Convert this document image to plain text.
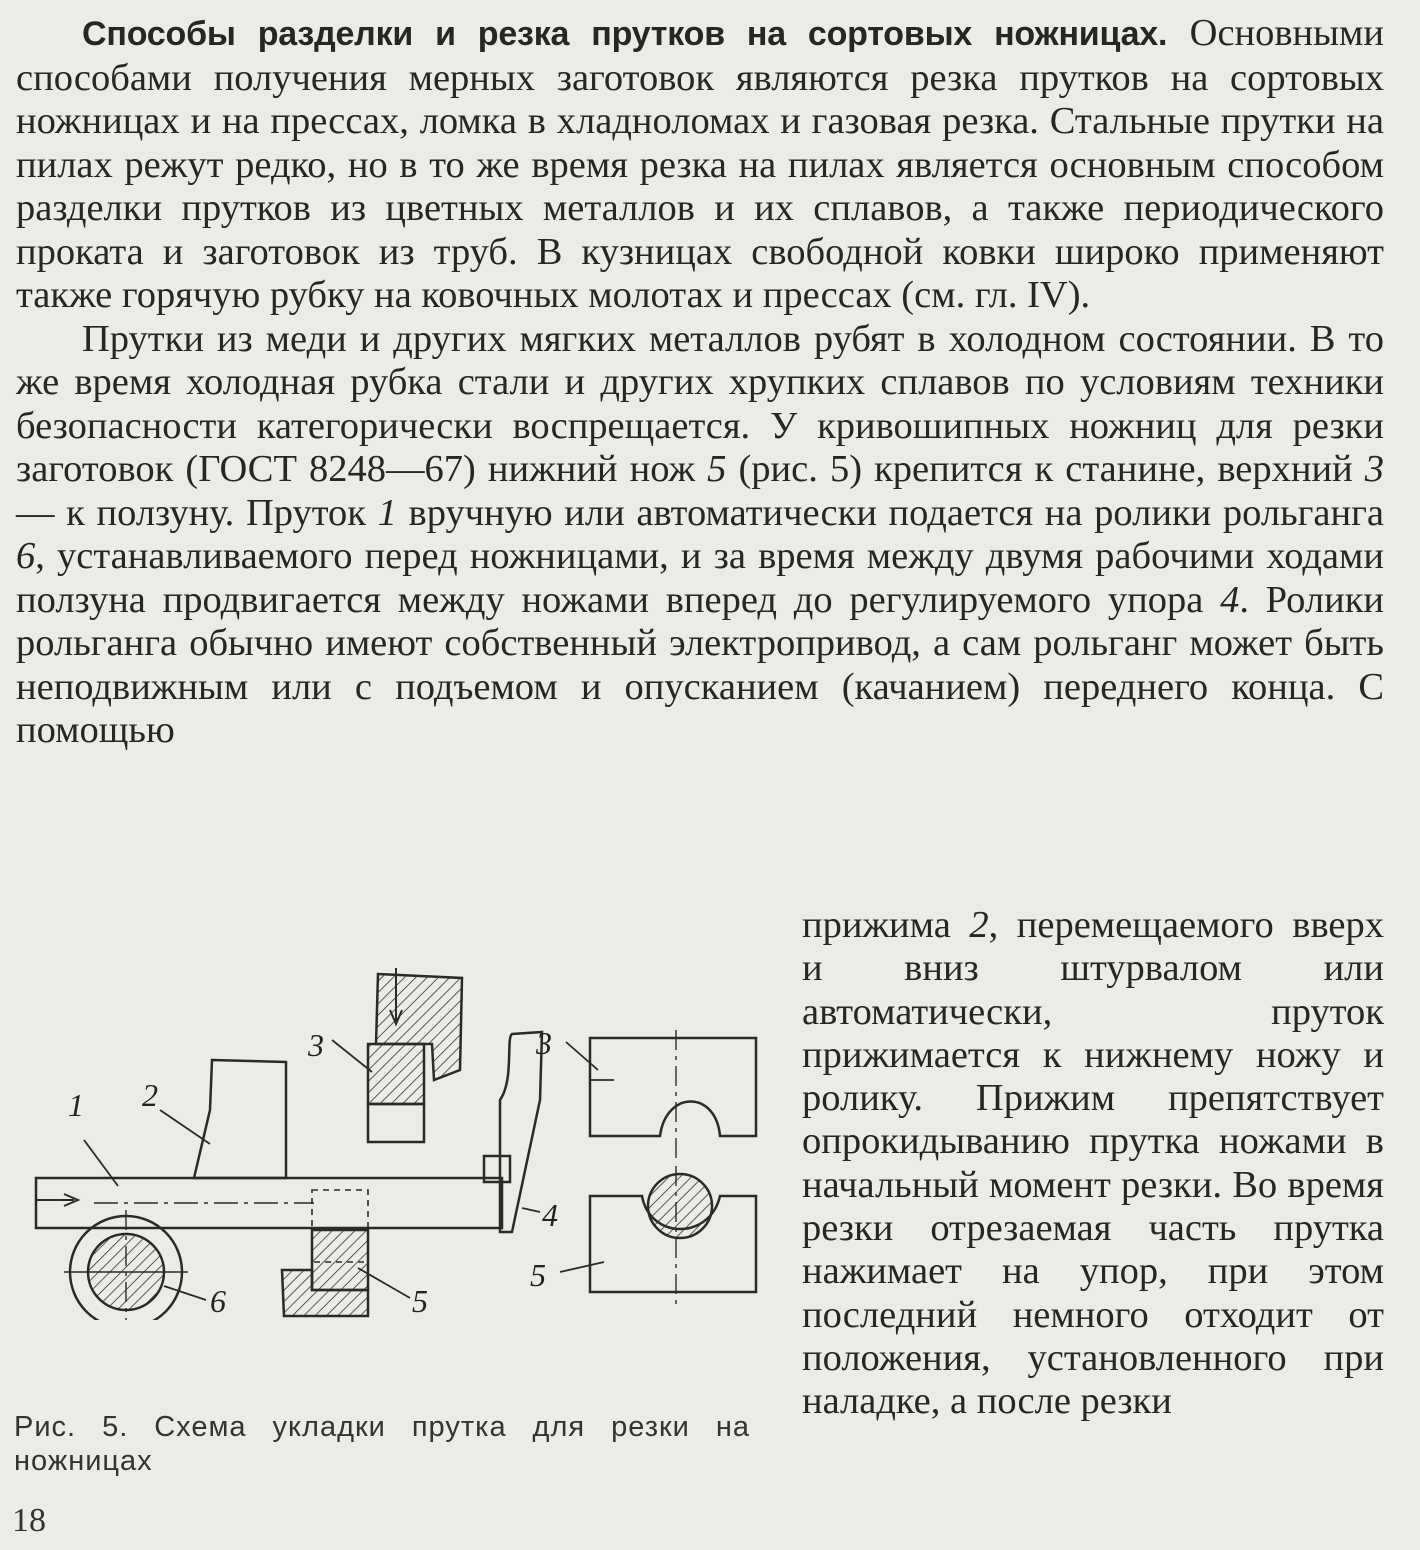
Способы разделки и резка прутков на сортовых ножницах. Основными способами получения мерных заготовок являются резка прутков на сортовых ножницах и на прессах, ломка в хладноломах и газовая резка. Стальные прутки на пилах режут редко, но в то же время резка на пилах является основным способом разделки прутков из цветных металлов и их сплавов, а также периодического проката и заготовок из труб. В кузницах свободной ковки широко применяют также горячую рубку на ковочных молотах и прессах (см. гл. IV).

Прутки из меди и других мягких металлов рубят в холодном состоянии. В то же время холодная рубка стали и других хрупких сплавов по условиям техники безопасности категорически воспрещается. У кривошипных ножниц для резки заготовок (ГОСТ 8248—67) нижний нож 5 (рис. 5) крепится к станине, верхний 3 — к ползуну. Пруток 1 вручную или автоматически подается на ролики рольганга 6, устанавливаемого перед ножницами, и за время между двумя рабочими ходами ползуна продвигается между ножами вперед до регулируемого упора 4. Ролики рольганга обычно имеют собственный электропривод, а сам рольганг может быть неподвижным или с подъемом и опусканием (качанием) переднего конца. С помощью

прижима 2, перемещаемого вверх и вниз штурвалом или автоматически, пруток прижимается к нижнему ножу и ролику. Прижим препятствует опрокидыванию прутка ножами в начальный момент резки. Во время резки отрезаемая часть прутка нажимает на упор, при этом последний немного отходит от положения, установленного при наладке, а после резки

1 2
3
4
5
6
3
5
Рис. 5. Схема укладки прутка для резки на ножницах
18
